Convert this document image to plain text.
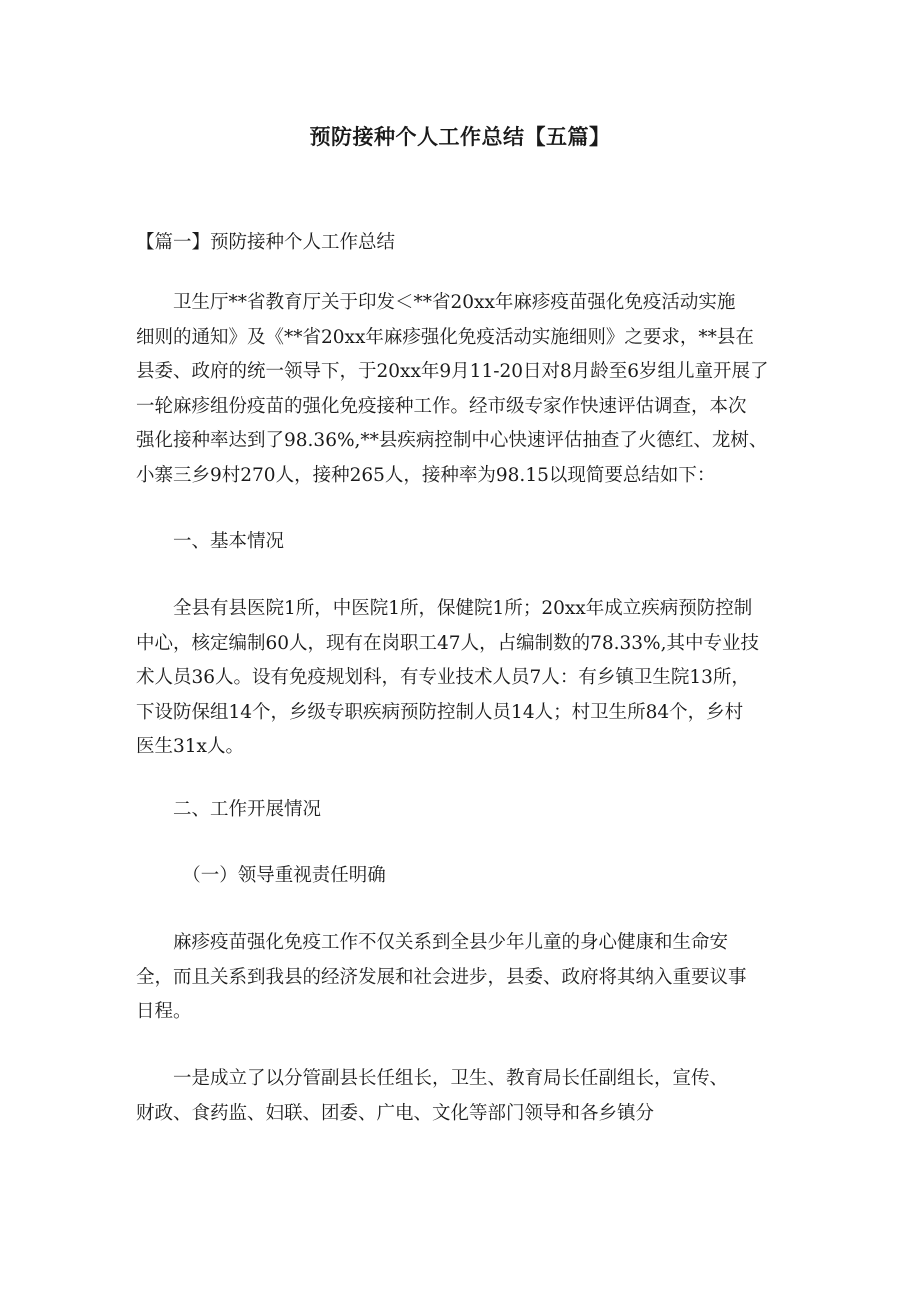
预防接种个人工作总结【五篇】

【篇一】预防接种个人工作总结

　　卫生厅**省教育厅关于印发＜**省20xx年麻疹疫苗强化免疫活动实施
细则的通知》及《**省20xx年麻疹强化免疫活动实施细则》之要求，**县在
县委、政府的统一领导下，于20xx年9月11-20日对8月龄至6岁组儿童开展了
一轮麻疹组份疫苗的强化免疫接种工作。经市级专家作快速评估调查，本次
强化接种率达到了98.36%,**县疾病控制中心快速评估抽查了火德红、龙树、
小寨三乡9村270人，接种265人，接种率为98.15以现简要总结如下：

　　一、基本情况

　　全县有县医院1所，中医院1所，保健院1所；20xx年成立疾病预防控制
中心，核定编制60人，现有在岗职工47人，占编制数的78.33%,其中专业技
术人员36人。设有免疫规划科，有专业技术人员7人：有乡镇卫生院13所，
下设防保组14个，乡级专职疾病预防控制人员14人；村卫生所84个，乡村
医生31x人。

　　二、工作开展情况

　　　（一）领导重视责任明确

　　麻疹疫苗强化免疫工作不仅关系到全县少年儿童的身心健康和生命安
全，而且关系到我县的经济发展和社会进步，县委、政府将其纳入重要议事
日程。
　　一是成立了以分管副县长任组长，卫生、教育局长任副组长，宣传、
财政、食药监、妇联、团委、广电、文化等部门领导和各乡镇分
